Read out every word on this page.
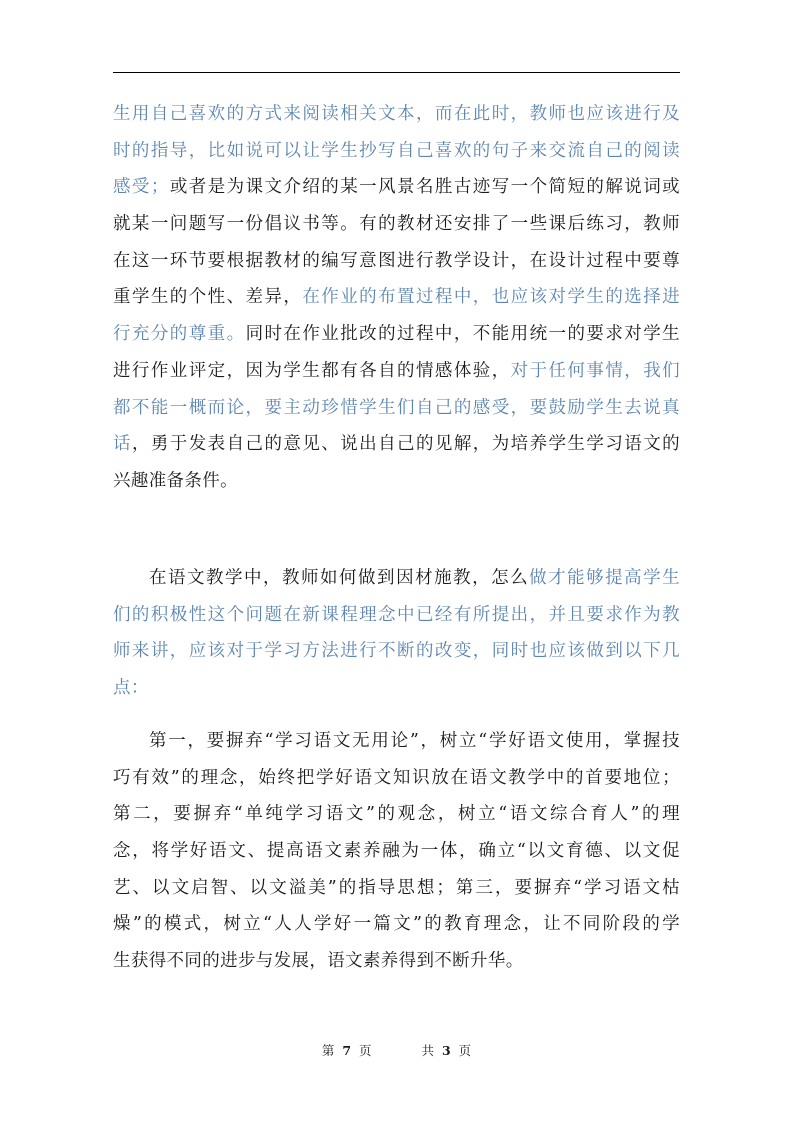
生用自己喜欢的方式来阅读相关文本，而在此时，教师也应该进行及
时的指导，比如说可以让学生抄写自己喜欢的句子来交流自己的阅读
感受；或者是为课文介绍的某一风景名胜古迹写一个简短的解说词或
就某一问题写一份倡议书等。有的教材还安排了一些课后练习，教师
在这一环节要根据教材的编写意图进行教学设计，在设计过程中要尊
重学生的个性、差异，在作业的布置过程中，也应该对学生的选择进
行充分的尊重。同时在作业批改的过程中，不能用统一的要求对学生
进行作业评定，因为学生都有各自的情感体验，对于任何事情，我们
都不能一概而论，要主动珍惜学生们自己的感受，要鼓励学生去说真
话，勇于发表自己的意见、说出自己的见解，为培养学生学习语文的
兴趣准备条件。
在语文教学中，教师如何做到因材施教，怎么做才能够提高学生
们的积极性这个问题在新课程理念中已经有所提出，并且要求作为教
师来讲，应该对于学习方法进行不断的改变，同时也应该做到以下几
点：
第一，要摒弃“学习语文无用论”，树立“学好语文使用，掌握技
巧有效”的理念，始终把学好语文知识放在语文教学中的首要地位；
第二，要摒弃“单纯学习语文”的观念，树立“语文综合育人”的理
念，将学好语文、提高语文素养融为一体，确立“以文育德、以文促
艺、以文启智、以文溢美”的指导思想；第三，要摒弃“学习语文枯
燥”的模式，树立“人人学好一篇文”的教育理念，让不同阶段的学
生获得不同的进步与发展，语文素养得到不断升华。
第 7 页	共 3 页
